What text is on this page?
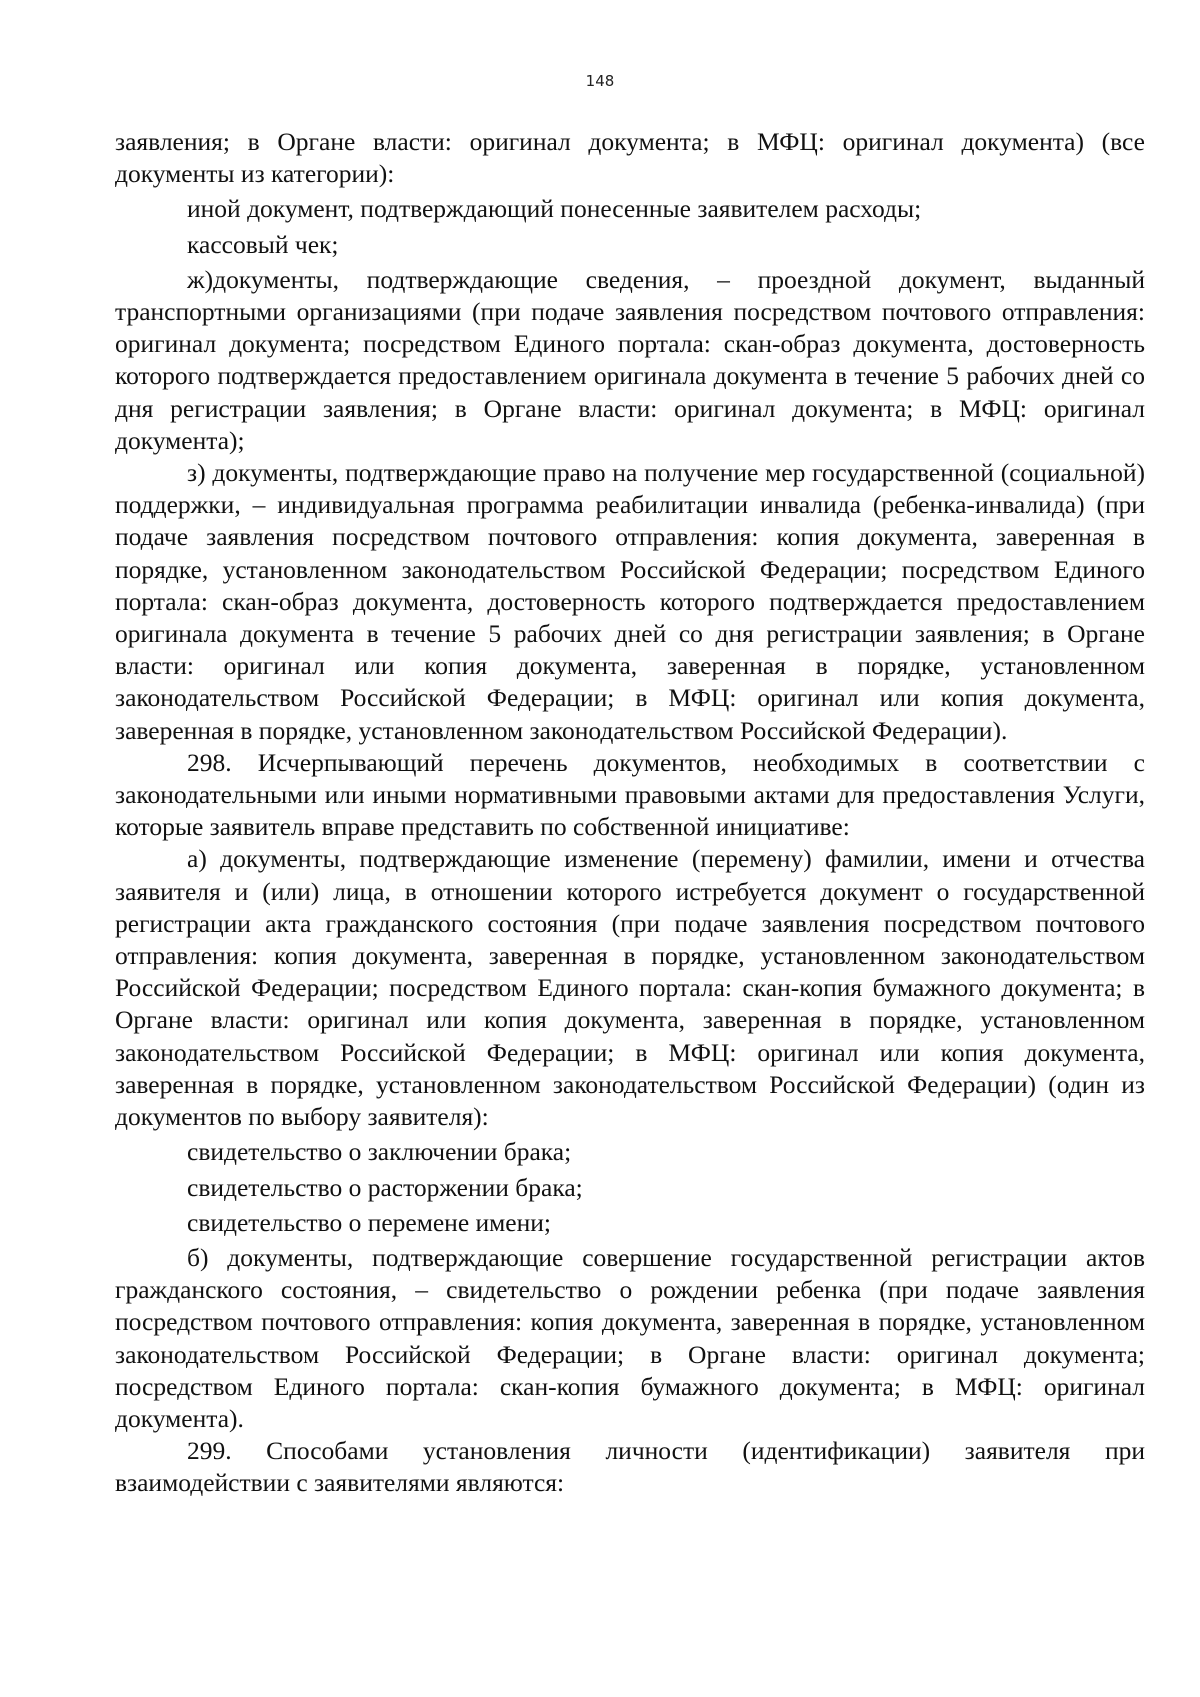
148

заявления; в Органе власти: оригинал документа; в МФЦ: оригинал документа) (все документы из категории):

иной документ, подтверждающий понесенные заявителем расходы;

кассовый чек;

ж)документы, подтверждающие сведения, – проездной документ, выданный транспортными организациями (при подаче заявления посредством почтового отправления: оригинал документа; посредством Единого портала: скан-образ документа, достоверность которого подтверждается предоставлением оригинала документа в течение 5 рабочих дней со дня регистрации заявления; в Органе власти: оригинал документа; в МФЦ: оригинал документа);

з) документы, подтверждающие право на получение мер государственной (социальной) поддержки, – индивидуальная программа реабилитации инвалида (ребенка-инвалида) (при подаче заявления посредством почтового отправления: копия документа, заверенная в порядке, установленном законодательством Российской Федерации; посредством Единого портала: скан-образ документа, достоверность которого подтверждается предоставлением оригинала документа в течение 5 рабочих дней со дня регистрации заявления; в Органе власти: оригинал или копия документа, заверенная в порядке, установленном законодательством Российской Федерации; в МФЦ: оригинал или копия документа, заверенная в порядке, установленном законодательством Российской Федерации).

298. Исчерпывающий перечень документов, необходимых в соответствии с законодательными или иными нормативными правовыми актами для предоставления Услуги, которые заявитель вправе представить по собственной инициативе:

а) документы, подтверждающие изменение (перемену) фамилии, имени и отчества заявителя и (или) лица, в отношении которого истребуется документ о государственной регистрации акта гражданского состояния (при подаче заявления посредством почтового отправления: копия документа, заверенная в порядке, установленном законодательством Российской Федерации; посредством Единого портала: скан-копия бумажного документа; в Органе власти: оригинал или копия документа, заверенная в порядке, установленном законодательством Российской Федерации; в МФЦ: оригинал или копия документа, заверенная в порядке, установленном законодательством Российской Федерации) (один из документов по выбору заявителя):

свидетельство о заключении брака;

свидетельство о расторжении брака;

свидетельство о перемене имени;

б) документы, подтверждающие совершение государственной регистрации актов гражданского состояния, – свидетельство о рождении ребенка (при подаче заявления посредством почтового отправления: копия документа, заверенная в порядке, установленном законодательством Российской Федерации; в Органе власти: оригинал документа; посредством Единого портала: скан-копия бумажного документа; в МФЦ: оригинал документа).

299. Способами установления личности (идентификации) заявителя при взаимодействии с заявителями являются:
